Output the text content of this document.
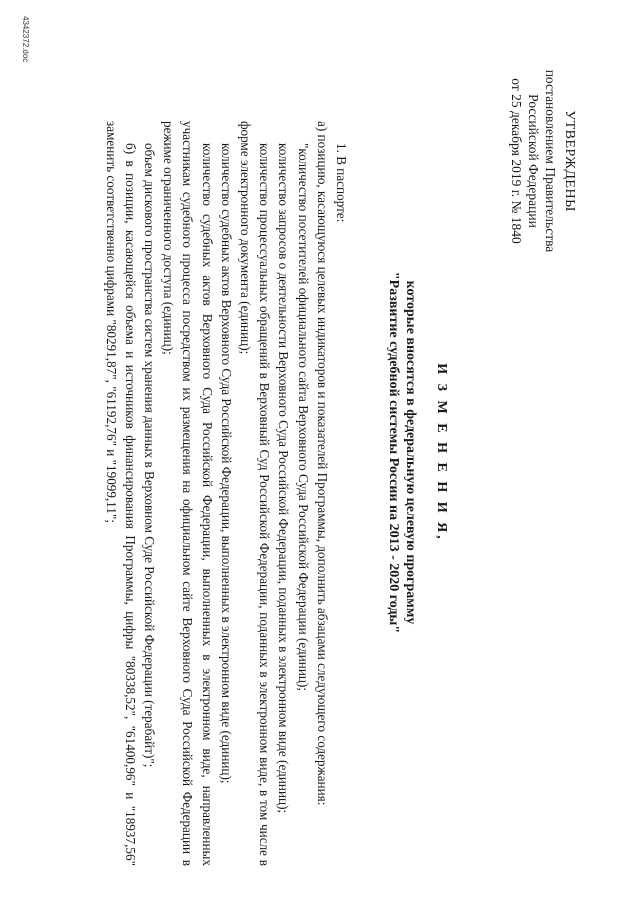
УТВЕРЖДЕНЫ
постановлением Правительства
Российской Федерации
от 25 декабря 2019 г. № 1840
И З М Е Н Е Н И Я,
которые вносятся в федеральную целевую программу
"Развитие судебной системы России на 2013 - 2020 годы"

1. В паспорте:

а) позицию, касающуюся целевых индикаторов и показателей Программы, дополнить абзацами следующего содержания:

"количество посетителей официального сайта Верховного Суда Российской Федерации (единиц);

количество запросов о деятельности Верховного Суда Российской Федерации, поданных в электронном виде (единиц);

количество процессуальных обращений в Верховный Суд Российской Федерации, поданных в электронном виде, в том числе в форме электронного документа (единиц);

количество судебных актов Верховного Суда Российской Федерации, выполненных в электронном виде (единиц);

количество судебных актов Верховного Суда Российской Федерации, выполненных в электронном виде, направленных участникам судебного процесса посредством их размещения на официальном сайте Верховного Суда Российской Федерации в режиме ограниченного доступа (единиц);

объем дискового пространства систем хранения данных в Верховном Суде Российской Федерации (терабайт)";

б) в позиции, касающейся объема и источников финансирования Программы, цифры "80338,52", "61400,96" и "18937,56" заменить соответственно цифрами "80291,87", "61192,76" и "19099,11";

4342372.doc
